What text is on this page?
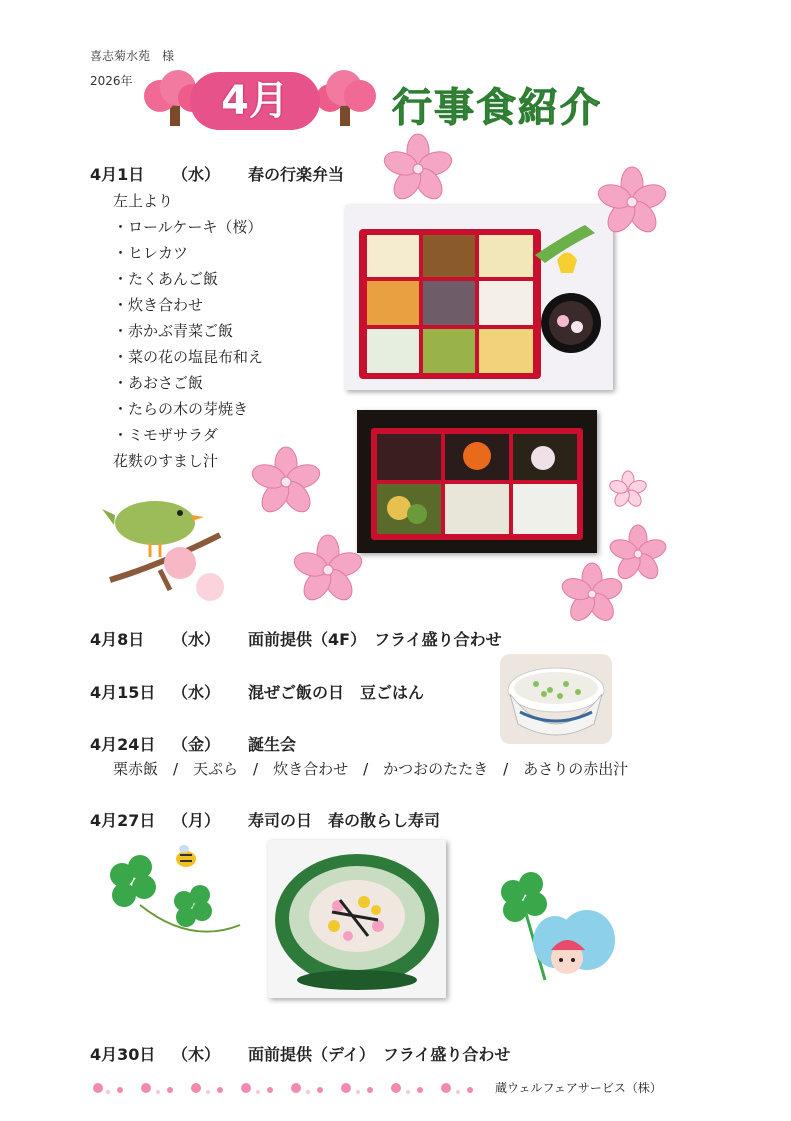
喜志菊水苑　様
2026年	4月	行事食紹介
4月1日 （水） 春の行楽弁当
左上より
・ロールケーキ（桜）
・ヒレカツ
・たくあんご飯
・炊き合わせ
・赤かぶ青菜ご飯
・菜の花の塩昆布和え
・あおさご飯
・たらの木の芽焼き
・ミモザサラダ
花麩のすまし汁
4月8日 （水） 面前提供（4F）　フライ盛り合わせ
4月15日 （水） 混ぜご飯の日　豆ごはん
4月24日 （金） 誕生会
栗赤飯　/　天ぷら　/　炊き合わせ　/　かつおのたたき　/　あさりの赤出汁
4月27日 （月） 寿司の日　春の散らし寿司
4月30日 （木） 面前提供（デイ）　フライ盛り合わせ
蔵ウェルフェアサービス（株）
